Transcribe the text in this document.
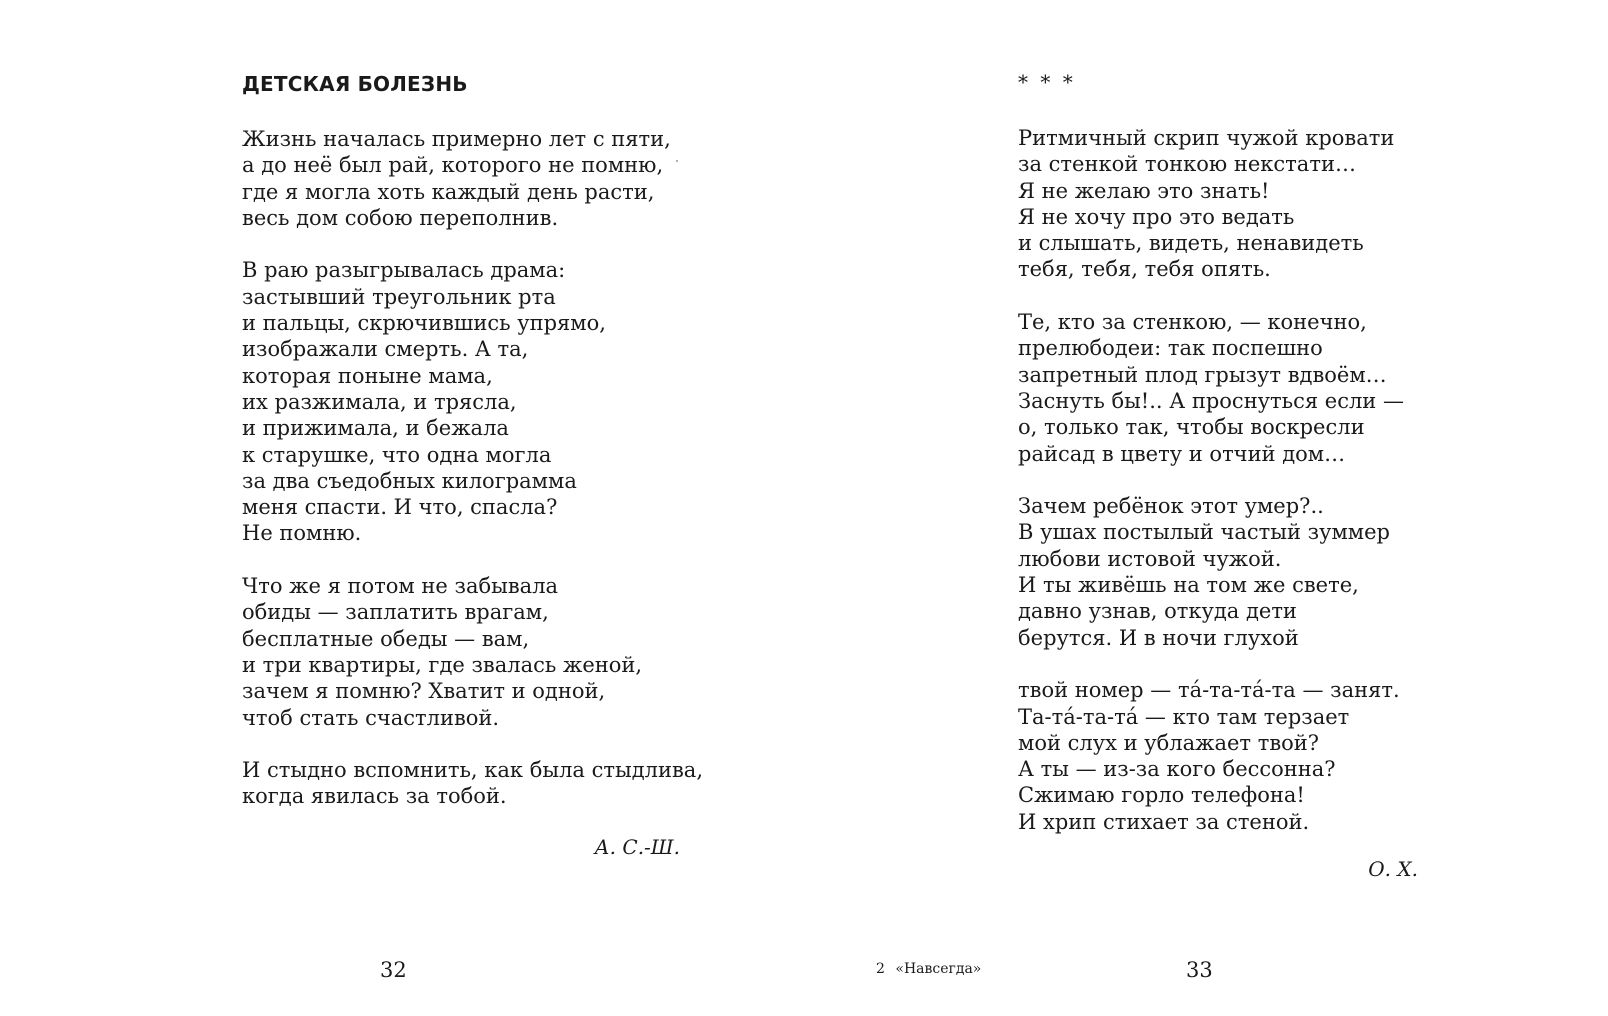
ДЕТСКАЯ БОЛЕЗНЬ
Жизнь началась примерно лет с пяти,
а до неё был рай, которого не помню,
где я могла хоть каждый день расти,
весь дом собою переполнив.
В раю разыгрывалась драма:
застывший треугольник рта
и пальцы, скрючившись упрямо,
изображали смерть. А та,
которая поныне мама,
их разжимала, и трясла,
и прижимала, и бежала
к старушке, что одна могла
за два съедобных килограмма
меня спасти. И что, спасла?
Не помню.
Что же я потом не забывала
обиды — заплатить врагам,
бесплатные обеды — вам,
и три квартиры, где звалась женой,
зачем я помню? Хватит и одной,
чтоб стать счастливой.
И стыдно вспомнить, как была стыдлива,
когда явилась за тобой.
А. С.-Ш.
32
* * *
Ритмичный скрип чужой кровати
за стенкой тонкою некстати…
Я не желаю это знать!
Я не хочу про это ведать
и слышать, видеть, ненавидеть
тебя, тебя, тебя опять.
Те, кто за стенкою, — конечно,
прелюбодеи: так поспешно
запретный плод грызут вдвоём…
Заснуть бы!.. А проснуться если —
о, только так, чтобы воскресли
райсад в цвету и отчий дом…
Зачем ребёнок этот умер?..
В ушах постылый частый зуммер
любови истовой чужой.
И ты живёшь на том же свете,
давно узнав, откуда дети
берутся. И в ночи глухой
твой номер — та́-та-та́-та — занят.
Та-та́-та-та́ — кто там терзает
мой слух и ублажает твой?
А ты — из-за кого бессонна?
Сжимаю горло телефона!
И хрип стихает за стеной.
О. Х.
33
2 «Навсегда»
